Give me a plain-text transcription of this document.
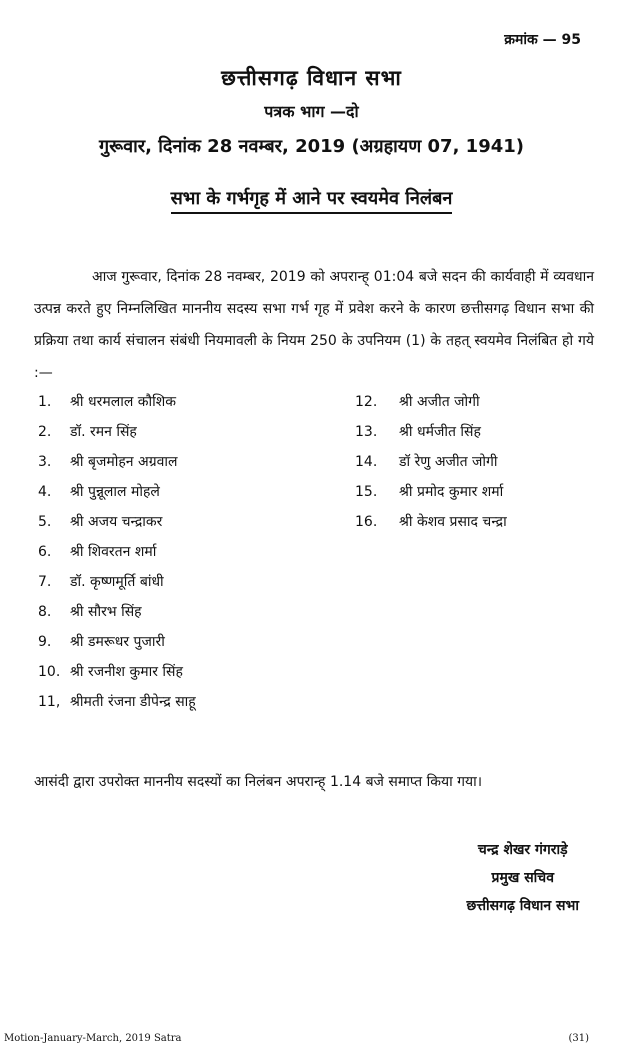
क्रमांक — 95
छत्तीसगढ़ विधान सभा
पत्रक भाग —दो
गुरूवार, दिनांक 28 नवम्बर, 2019 (अग्रहायण 07, 1941)
सभा के गर्भगृह में आने पर स्वयमेव निलंबन

आज गुरूवार, दिनांक 28 नवम्बर, 2019 को अपरान्ह् 01:04 बजे सदन की कार्यवाही में व्यवधान उत्पन्न करते हुए निम्नलिखित माननीय सदस्य सभा गर्भ गृह में प्रवेश करने के कारण छत्तीसगढ़ विधान सभा की प्रक्रिया तथा कार्य संचालन संबंधी नियमावली के नियम 250 के उपनियम (1) के तहत् स्वयमेव निलंबित हो गये :—

1. श्री धरमलाल कौशिक
2. डॉ. रमन सिंह
3. श्री बृजमोहन अग्रवाल
4. श्री पुन्नूलाल मोहले
5. श्री अजय चन्द्राकर
6. श्री शिवरतन शर्मा
7. डॉ. कृष्णमूर्ति बांधी
8. श्री सौरभ सिंह
9. श्री डमरूधर पुजारी
10. श्री रजनीश कुमार सिंह
11, श्रीमती रंजना डीपेन्द्र साहू
12. श्री अजीत जोगी
13. श्री धर्मजीत सिंह
14. डॉ रेणु अजीत जोगी
15. श्री प्रमोद कुमार शर्मा
16. श्री केशव प्रसाद चन्द्रा

आसंदी द्वारा उपरोक्त माननीय सदस्यों का निलंबन अपरान्ह् 1.14 बजे समाप्त किया गया।

चन्द्र शेखर गंगराड़े
प्रमुख सचिव
छत्तीसगढ़ विधान सभा
Motion-January-March, 2019 Satra	(31)
